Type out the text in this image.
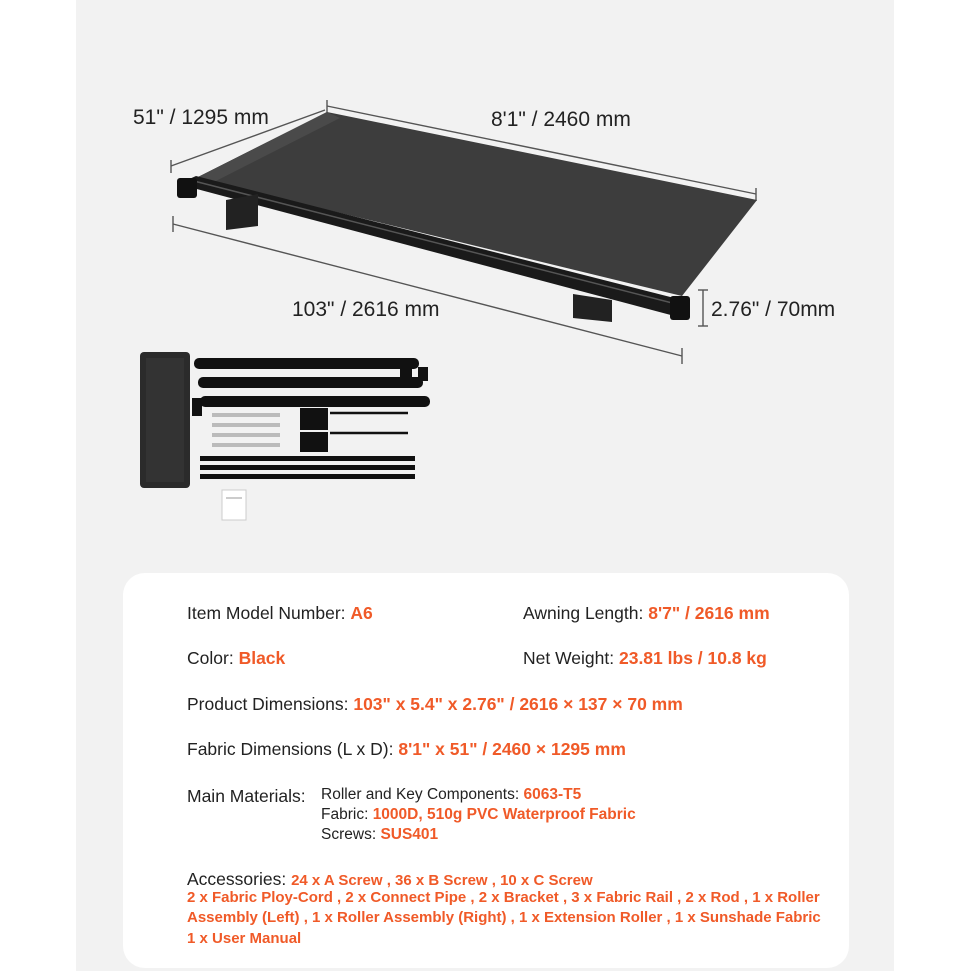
51" / 1295 mm	8'1" / 2460 mm
103" / 2616 mm	2.76" / 70mm
Item Model Number: A6	Awning Length: 8'7" / 2616 mm
Color: Black	Net Weight: 23.81 lbs / 10.8 kg
Product Dimensions: 103" x 5.4" x 2.76" / 2616 × 137 × 70 mm
Fabric Dimensions (L x D): 8'1" x 51" / 2460 × 1295 mm
Main Materials: Roller and Key Components: 6063-T5
Fabric: 1000D, 510g PVC Waterproof Fabric
Screws: SUS401
Accessories: 24 x A Screw , 36 x B Screw , 10 x C Screw
2 x Fabric Ploy-Cord , 2 x Connect Pipe , 2 x Bracket , 3 x Fabric Rail , 2 x Rod , 1 x Roller
Assembly (Left) , 1 x Roller Assembly (Right) , 1 x Extension Roller , 1 x Sunshade Fabric
1 x User Manual
